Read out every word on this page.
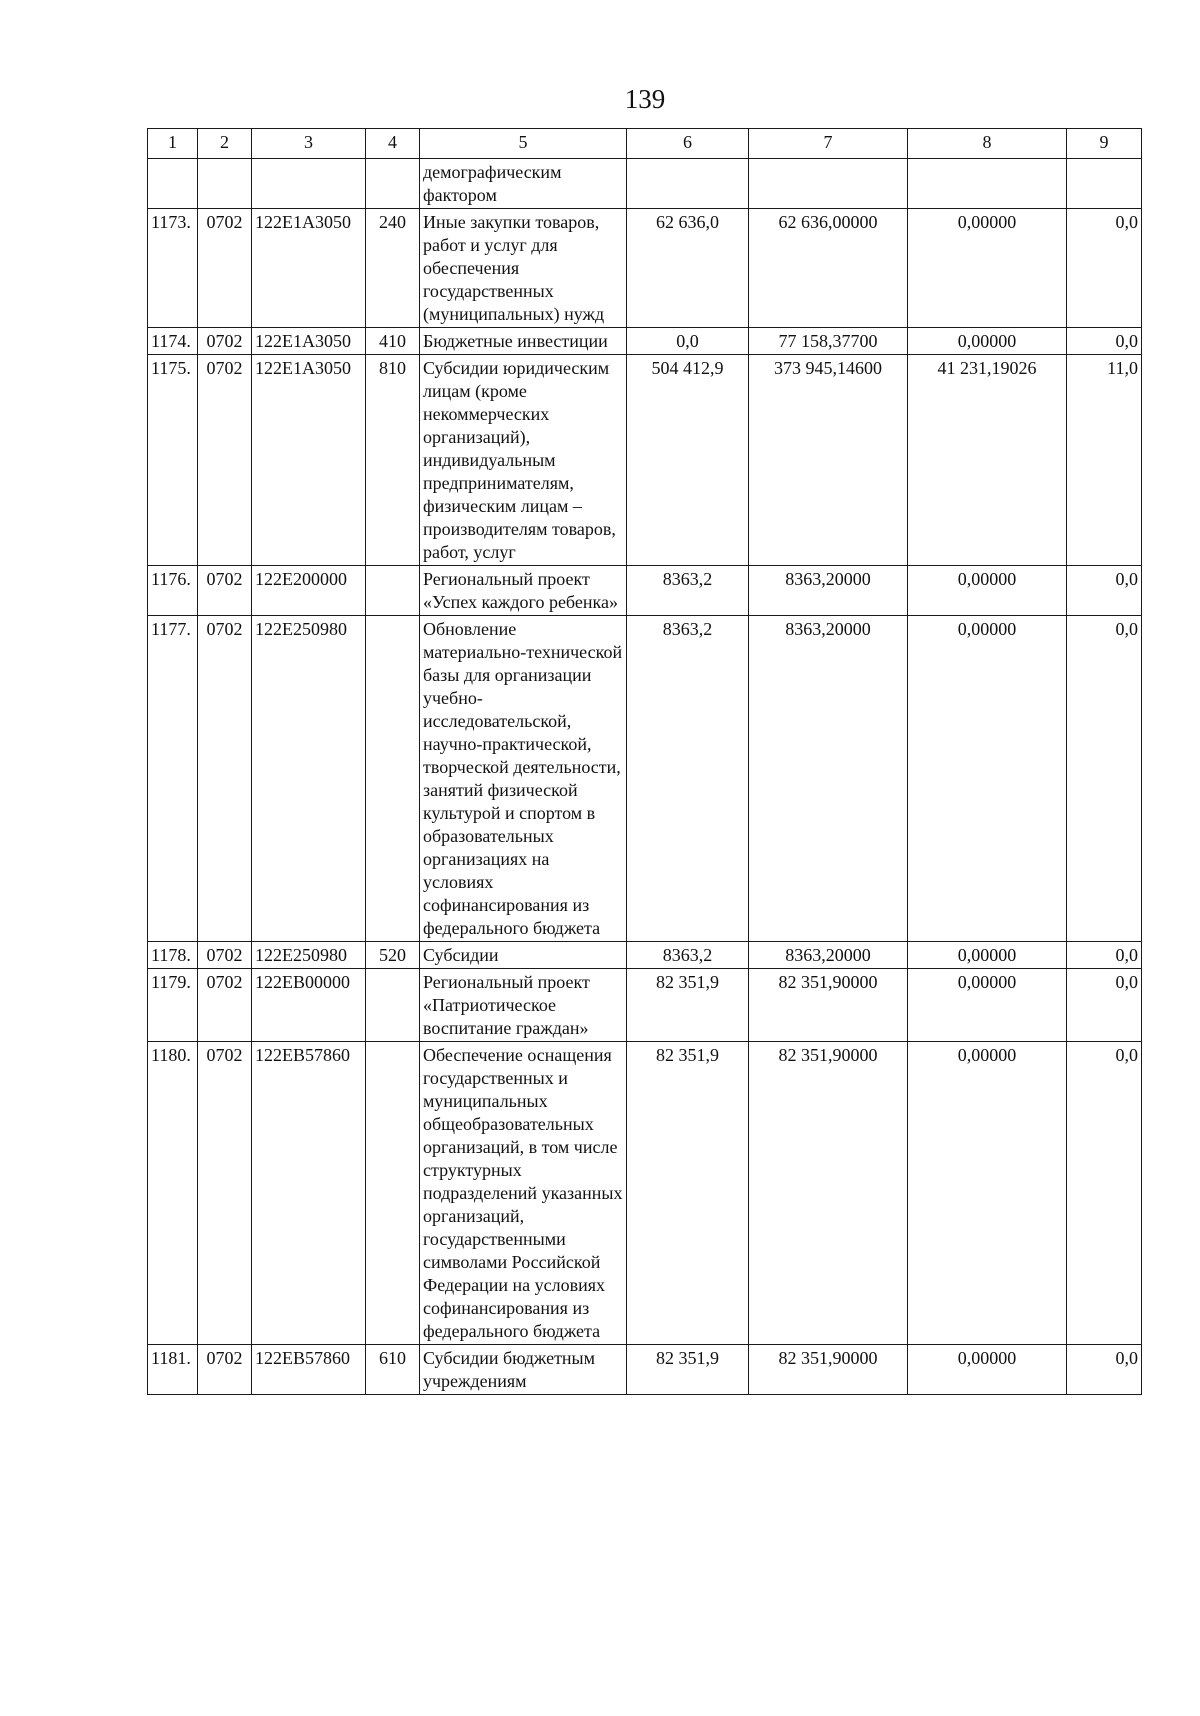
139
1	2	3	4	5	6	7	8	9
				демографическим фактором				
1173.	0702	122E1A3050	240	Иные закупки товаров, работ и услуг для обеспечения государственных (муниципальных) нужд	62 636,0	62 636,00000	0,00000	0,0
1174.	0702	122E1A3050	410	Бюджетные инвестиции	0,0	77 158,37700	0,00000	0,0
1175.	0702	122E1A3050	810	Субсидии юридическим лицам (кроме некоммерческих организаций), индивидуальным предпринимателям, физическим лицам – производителям товаров, работ, услуг	504 412,9	373 945,14600	41 231,19026	11,0
1176.	0702	122E200000		Региональный проект «Успех каждого ребенка»	8363,2	8363,20000	0,00000	0,0
1177.	0702	122E250980		Обновление материально-технической базы для организации учебно-исследовательской, научно-практической, творческой деятельности, занятий физической культурой и спортом в образовательных организациях на условиях софинансирования из федерального бюджета	8363,2	8363,20000	0,00000	0,0
1178.	0702	122E250980	520	Субсидии	8363,2	8363,20000	0,00000	0,0
1179.	0702	122EB00000		Региональный проект «Патриотическое воспитание граждан»	82 351,9	82 351,90000	0,00000	0,0
1180.	0702	122EB57860		Обеспечение оснащения государственных и муниципальных общеобразовательных организаций, в том числе структурных подразделений указанных организаций, государственными символами Российской Федерации на условиях софинансирования из федерального бюджета	82 351,9	82 351,90000	0,00000	0,0
1181.	0702	122EB57860	610	Субсидии бюджетным учреждениям	82 351,9	82 351,90000	0,00000	0,0
